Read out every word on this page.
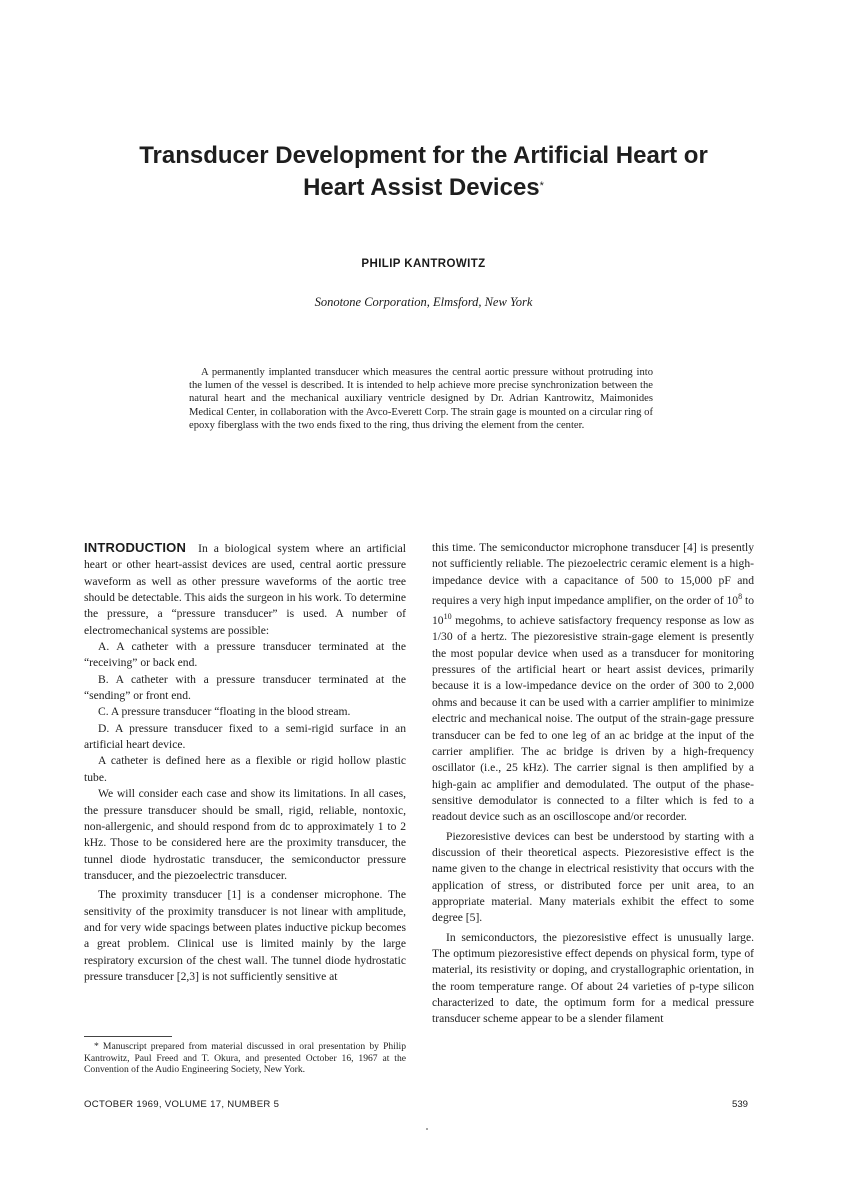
Transducer Development for the Artificial Heart or
Heart Assist Devices*
PHILIP KANTROWITZ
Sonotone Corporation, Elmsford, New York
A permanently implanted transducer which measures the central aortic pressure without protruding into the lumen of the vessel is described. It is intended to help achieve more precise synchronization between the natural heart and the mechanical auxiliary ventricle designed by Dr. Adrian Kantrowitz, Maimonides Medical Center, in collaboration with the Avco-Everett Corp. The strain gage is mounted on a circular ring of epoxy fiberglass with the two ends fixed to the ring, thus driving the element from the center.

INTRODUCTION In a biological system where an artificial heart or other heart-assist devices are used, central aortic pressure waveform as well as other pressure waveforms of the aortic tree should be detectable. This aids the surgeon in his work. To determine the pressure, a “pressure transducer” is used. A number of electromechanical systems are possible:

A. A catheter with a pressure transducer terminated at the “receiving” or back end.

B. A catheter with a pressure transducer terminated at the “sending” or front end.

C. A pressure transducer “floating in the blood stream.

D. A pressure transducer fixed to a semi-rigid surface in an artificial heart device.

A catheter is defined here as a flexible or rigid hollow plastic tube.

We will consider each case and show its limitations. In all cases, the pressure transducer should be small, rigid, reliable, nontoxic, non-allergenic, and should respond from dc to approximately 1 to 2 kHz. Those to be considered here are the proximity transducer, the tunnel diode hydrostatic transducer, the semiconductor pressure transducer, and the piezoelectric transducer.

The proximity transducer [1] is a condenser microphone. The sensitivity of the proximity transducer is not linear with amplitude, and for very wide spacings between plates inductive pickup becomes a great problem. Clinical use is limited mainly by the large respiratory excursion of the chest wall. The tunnel diode hydrostatic pressure transducer [2,3] is not sufficiently sensitive at

this time. The semiconductor microphone transducer [4] is presently not sufficiently reliable. The piezoelectric ceramic element is a high-impedance device with a capacitance of 500 to 15,000 pF and requires a very high input impedance amplifier, on the order of $10^8$ to $10^{10}$ megohms, to achieve satisfactory frequency response as low as 1/30 of a hertz. The piezoresistive strain-gage element is presently the most popular device when used as a transducer for monitoring pressures of the artificial heart or heart assist devices, primarily because it is a low-impedance device on the order of 300 to 2,000 ohms and because it can be used with a carrier amplifier to minimize electric and mechanical noise. The output of the strain-gage pressure transducer can be fed to one leg of an ac bridge at the input of the carrier amplifier. The ac bridge is driven by a high-frequency oscillator (i.e., 25 kHz). The carrier signal is then amplified by a high-gain ac amplifier and demodulated. The output of the phase-sensitive demodulator is connected to a filter which is fed to a readout device such as an oscilloscope and/or recorder.

Piezoresistive devices can best be understood by starting with a discussion of their theoretical aspects. Piezoresistive effect is the name given to the change in electrical resistivity that occurs with the application of stress, or distributed force per unit area, to an appropriate material. Many materials exhibit the effect to some degree [5].

In semiconductors, the piezoresistive effect is unusually large. The optimum piezoresistive effect depends on physical form, type of material, its resistivity or doping, and crystallographic orientation, in the room temperature range. Of about 24 varieties of p-type silicon characterized to date, the optimum form for a medical pressure transducer scheme appear to be a slender filament

* Manuscript prepared from material discussed in oral presentation by Philip Kantrowitz, Paul Freed and T. Okura, and presented October 16, 1967 at the Convention of the Audio Engineering Society, New York.
OCTOBER 1969, VOLUME 17, NUMBER 5	539
